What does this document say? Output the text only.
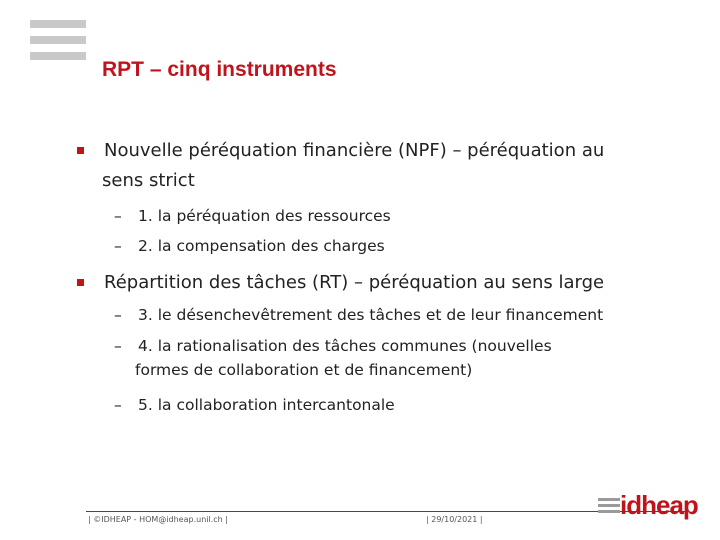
RPT – cinq instruments
Nouvelle péréquation financière (NPF) – péréquation au
sens strict
– 1. la péréquation des ressources
– 2. la compensation des charges
Répartition des tâches (RT) – péréquation au sens large
– 3. le désenchevêtrement des tâches et de leur financement
– 4. la rationalisation des tâches communes (nouvelles
formes de collaboration et de financement)
– 5. la collaboration intercantonale
| ©IDHEAP - HOM@idheap.unil.ch |	| 29/10/2021 |	idheap
